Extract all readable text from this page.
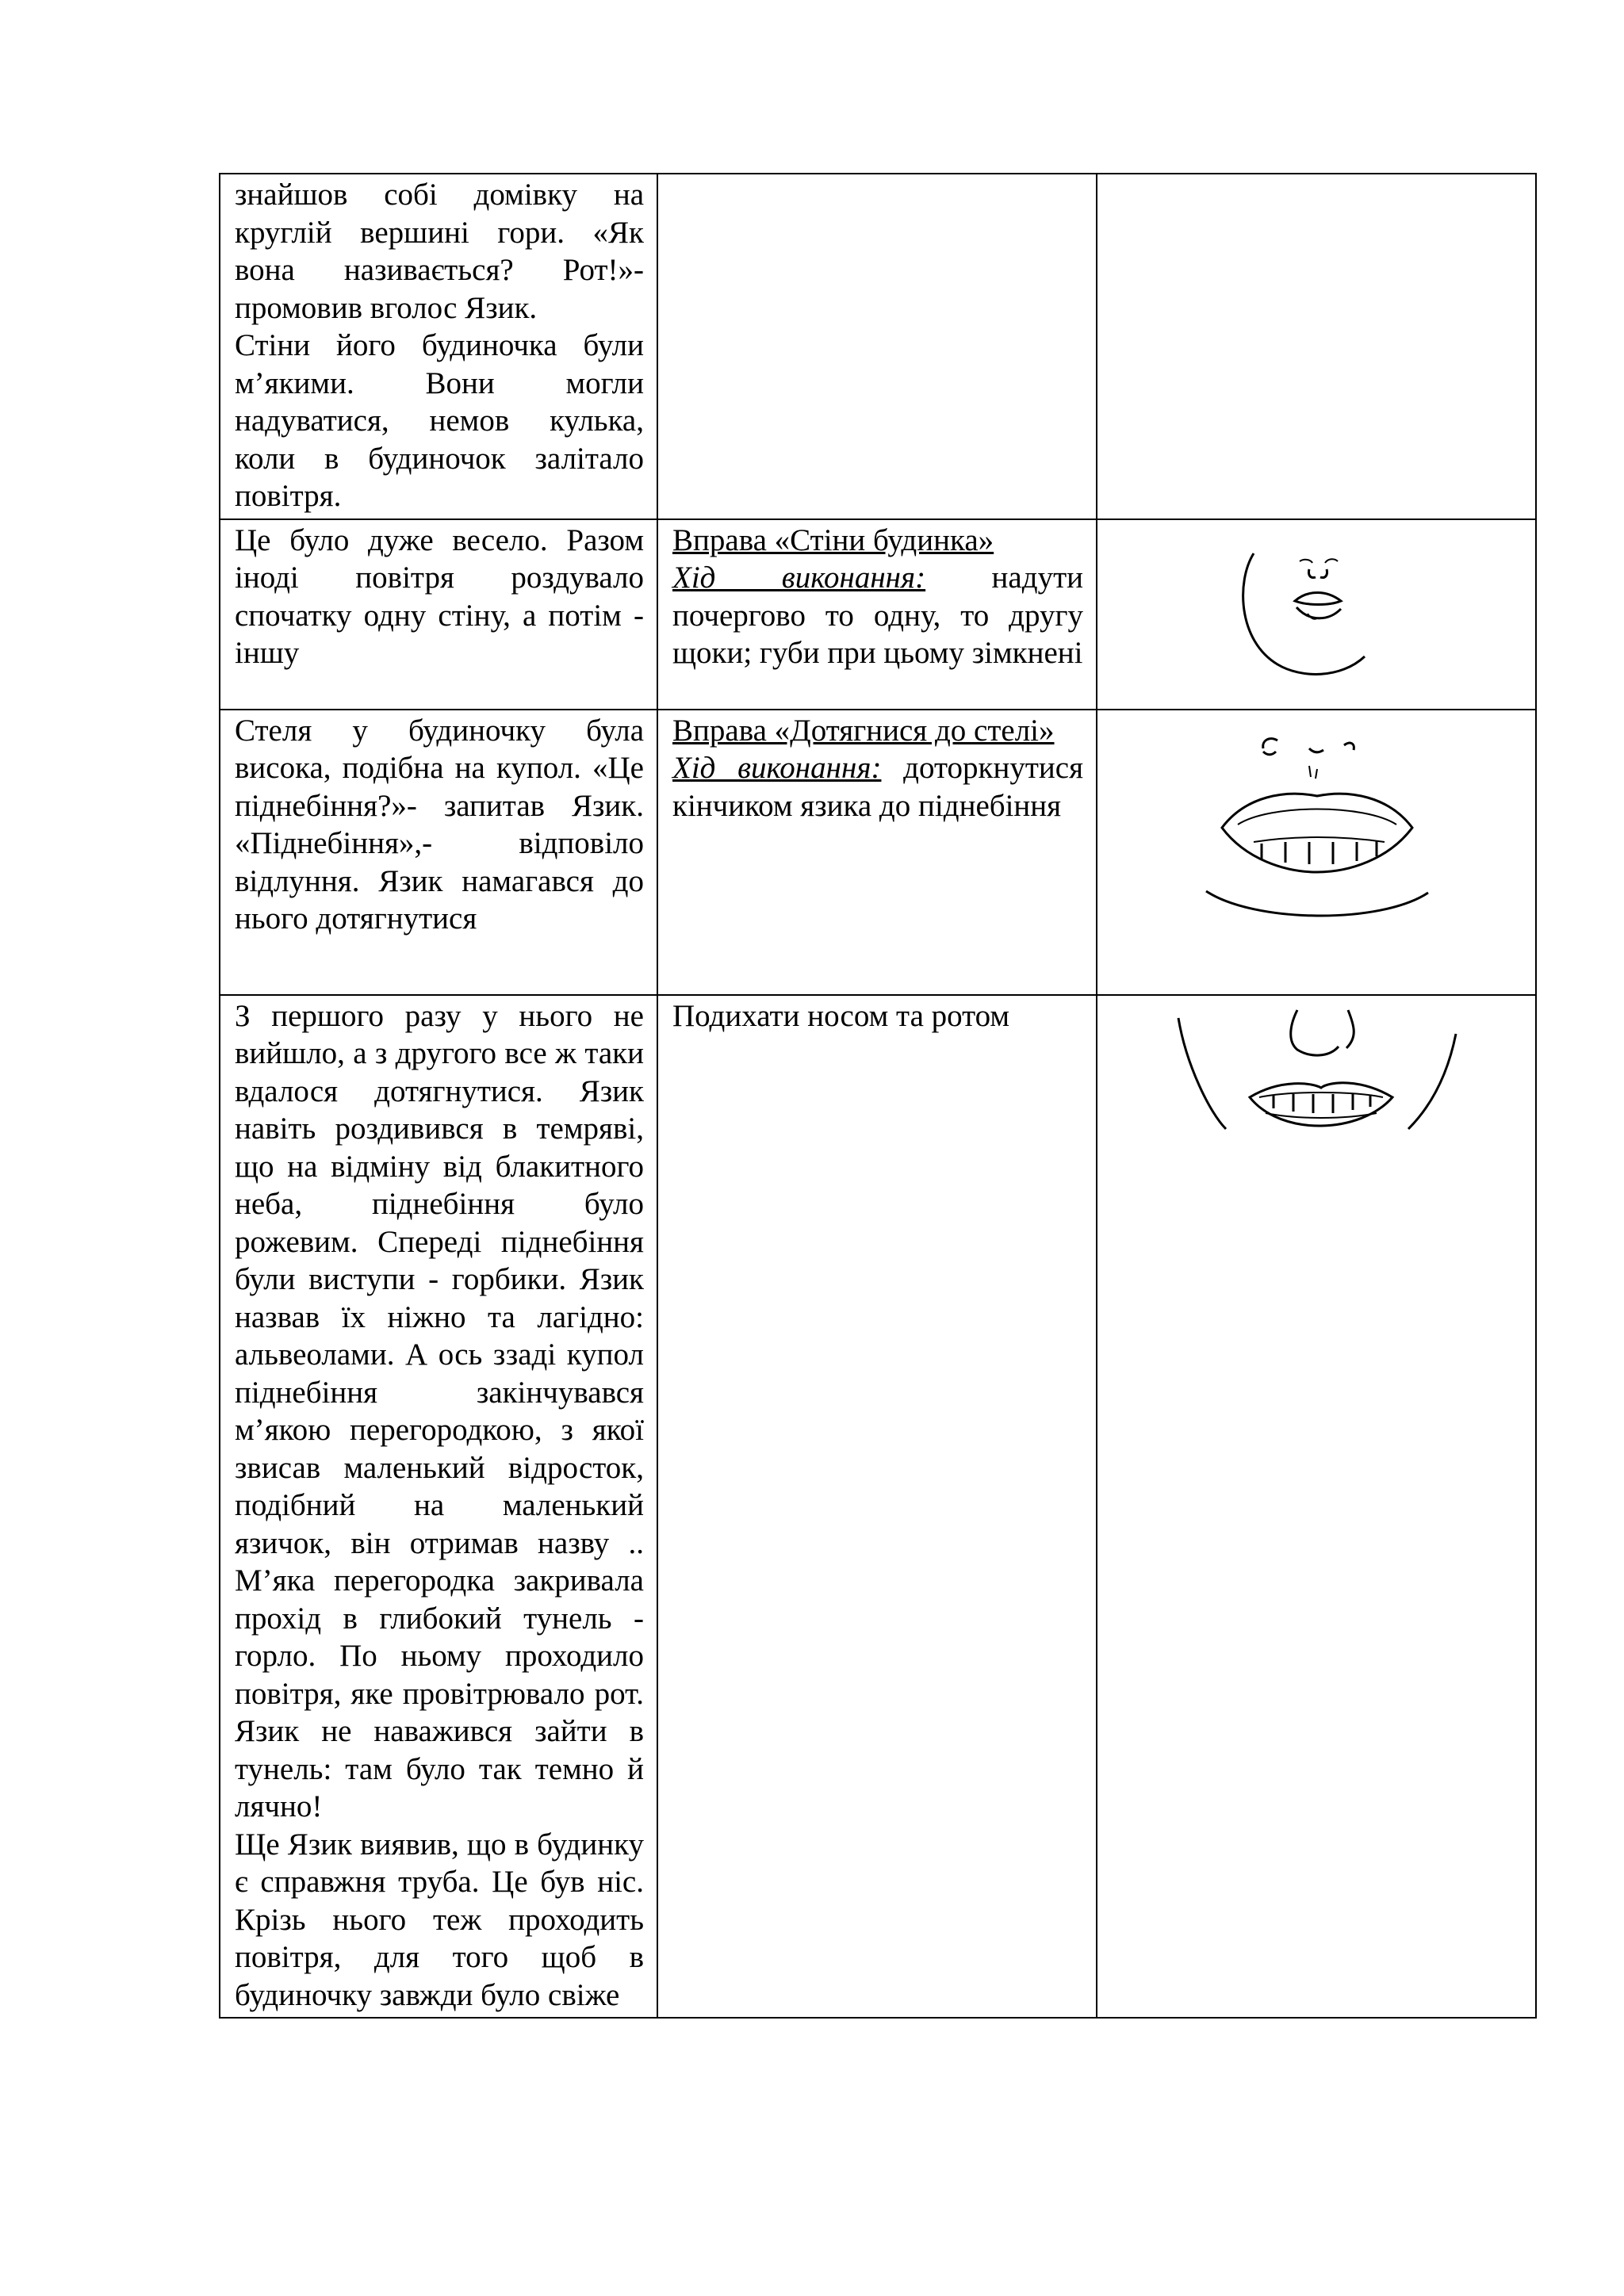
знайшов собі домівку на круглій вершині гори. «Як вона називається? Рот!»- промовив вголос Язик.

Стіни його будиночка були м’якими. Вони могли надуватися, немов кулька, коли в будиночок залітало повітря.		

Це було дуже весело. Разом іноді повітря роздувало спочатку одну стіну, а потім - іншу	Вправа «Стіни будинка»
Хід виконання: надути почергово то одну, то другу щоки; губи при цьому зімкнені	

Стеля у будиночку була висока, подібна на купол. «Це піднебіння?»- запитав Язик. «Піднебіння»,- відповіло відлуння. Язик намагався до нього дотягнутися	Вправа «Дотягнися до стелі»
Хід виконання: доторкнутися кінчиком язика до піднебіння	

З першого разу у нього не вийшло, а з другого все ж таки вдалося дотягнутися. Язик навіть роздивився в темряві, що на відміну від блакитного неба, піднебіння було рожевим. Спереді піднебіння були виступи - горбики. Язик назвав їх ніжно та лагідно: альвеолами. А ось ззаді купол піднебіння закінчувався м’якою перегородкою, з якої звисав маленький відросток, подібний на маленький язичок, він отримав назву .. М’яка перегородка закривала прохід в глибокий тунель - горло. По ньому проходило повітря, яке провітрювало рот. Язик не наважився зайти в тунель: там було так темно й лячно!

Ще Язик виявив, що в будинку є справжня труба. Це був ніс. Крізь нього теж проходить повітря, для того щоб в будиночку завжди було свіже	Подихати носом та ротом	
